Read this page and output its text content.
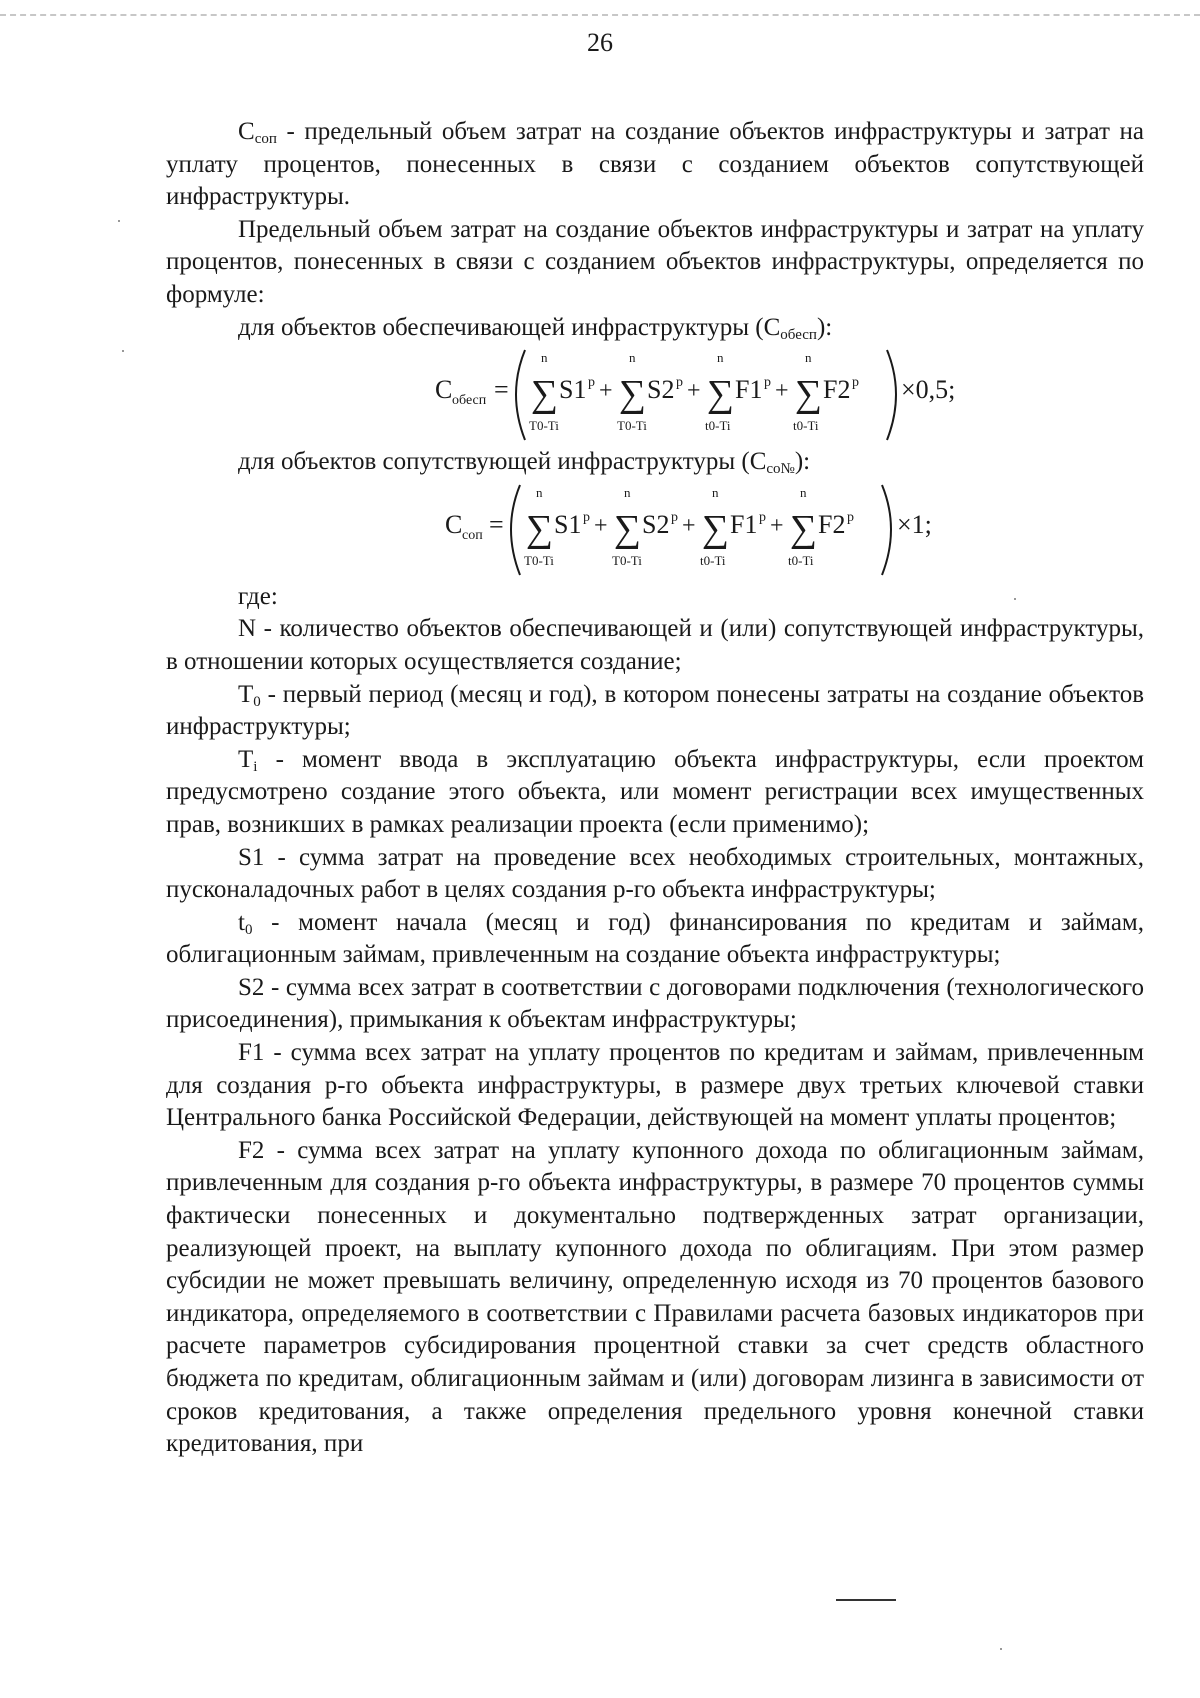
26

$C_{соп}$ - предельный объем затрат на создание объектов инфраструктуры и затрат на уплату процентов, понесенных в связи с созданием объектов сопутствующей инфраструктуры.

Предельный объем затрат на создание объектов инфраструктуры и затрат на уплату процентов, понесенных в связи с созданием объектов инфраструктуры, определяется по формуле:

для объектов обеспечивающей инфраструктуры $(C_{обесп})$:

C обесп = ∑
n
T0-Ti
S1 p + ∑
n
T0-Ti
S2 p + ∑
n
t0-Ti
F1 p + ∑
n
t0-Ti
F2 p ×0,5;

для объектов сопутствующей инфраструктуры $(C_{со№})$:

C соп = ∑
n
T0-Ti
S1 p + ∑
n
T0-Ti
S2 p + ∑
n
t0-Ti
F1 p + ∑
n
t0-Ti
F2 p ×1;

где:

N - количество объектов обеспечивающей и (или) сопутствующей инфраструктуры, в отношении которых осуществляется создание;

$T_0$ - первый период (месяц и год), в котором понесены затраты на создание объектов инфраструктуры;

$T_i$ - момент ввода в эксплуатацию объекта инфраструктуры, если проектом предусмотрено создание этого объекта, или момент регистрации всех имущественных прав, возникших в рамках реализации проекта (если применимо);

S1 - сумма затрат на проведение всех необходимых строительных, монтажных, пусконаладочных работ в целях создания p-го объекта инфраструктуры;

$t_0$ - момент начала (месяц и год) финансирования по кредитам и займам, облигационным займам, привлеченным на создание объекта инфраструктуры;

S2 - сумма всех затрат в соответствии с договорами подключения (технологического присоединения), примыкания к объектам инфраструктуры;

F1 - сумма всех затрат на уплату процентов по кредитам и займам, привлеченным для создания p-го объекта инфраструктуры, в размере двух третьих ключевой ставки Центрального банка Российской Федерации, действующей на момент уплаты процентов;

F2 - сумма всех затрат на уплату купонного дохода по облигационным займам, привлеченным для создания p-го объекта инфраструктуры, в размере 70 процентов суммы фактически понесенных и документально подтвержденных затрат организации, реализующей проект, на выплату купонного дохода по облигациям. При этом размер субсидии не может превышать величину, определенную исходя из 70 процентов базового индикатора, определяемого в соответствии с Правилами расчета базовых индикаторов при расчете параметров субсидирования процентной ставки за счет средств областного бюджета по кредитам, облигационным займам и (или) договорам лизинга в зависимости от сроков кредитования, а также определения предельного уровня конечной ставки кредитования, при
